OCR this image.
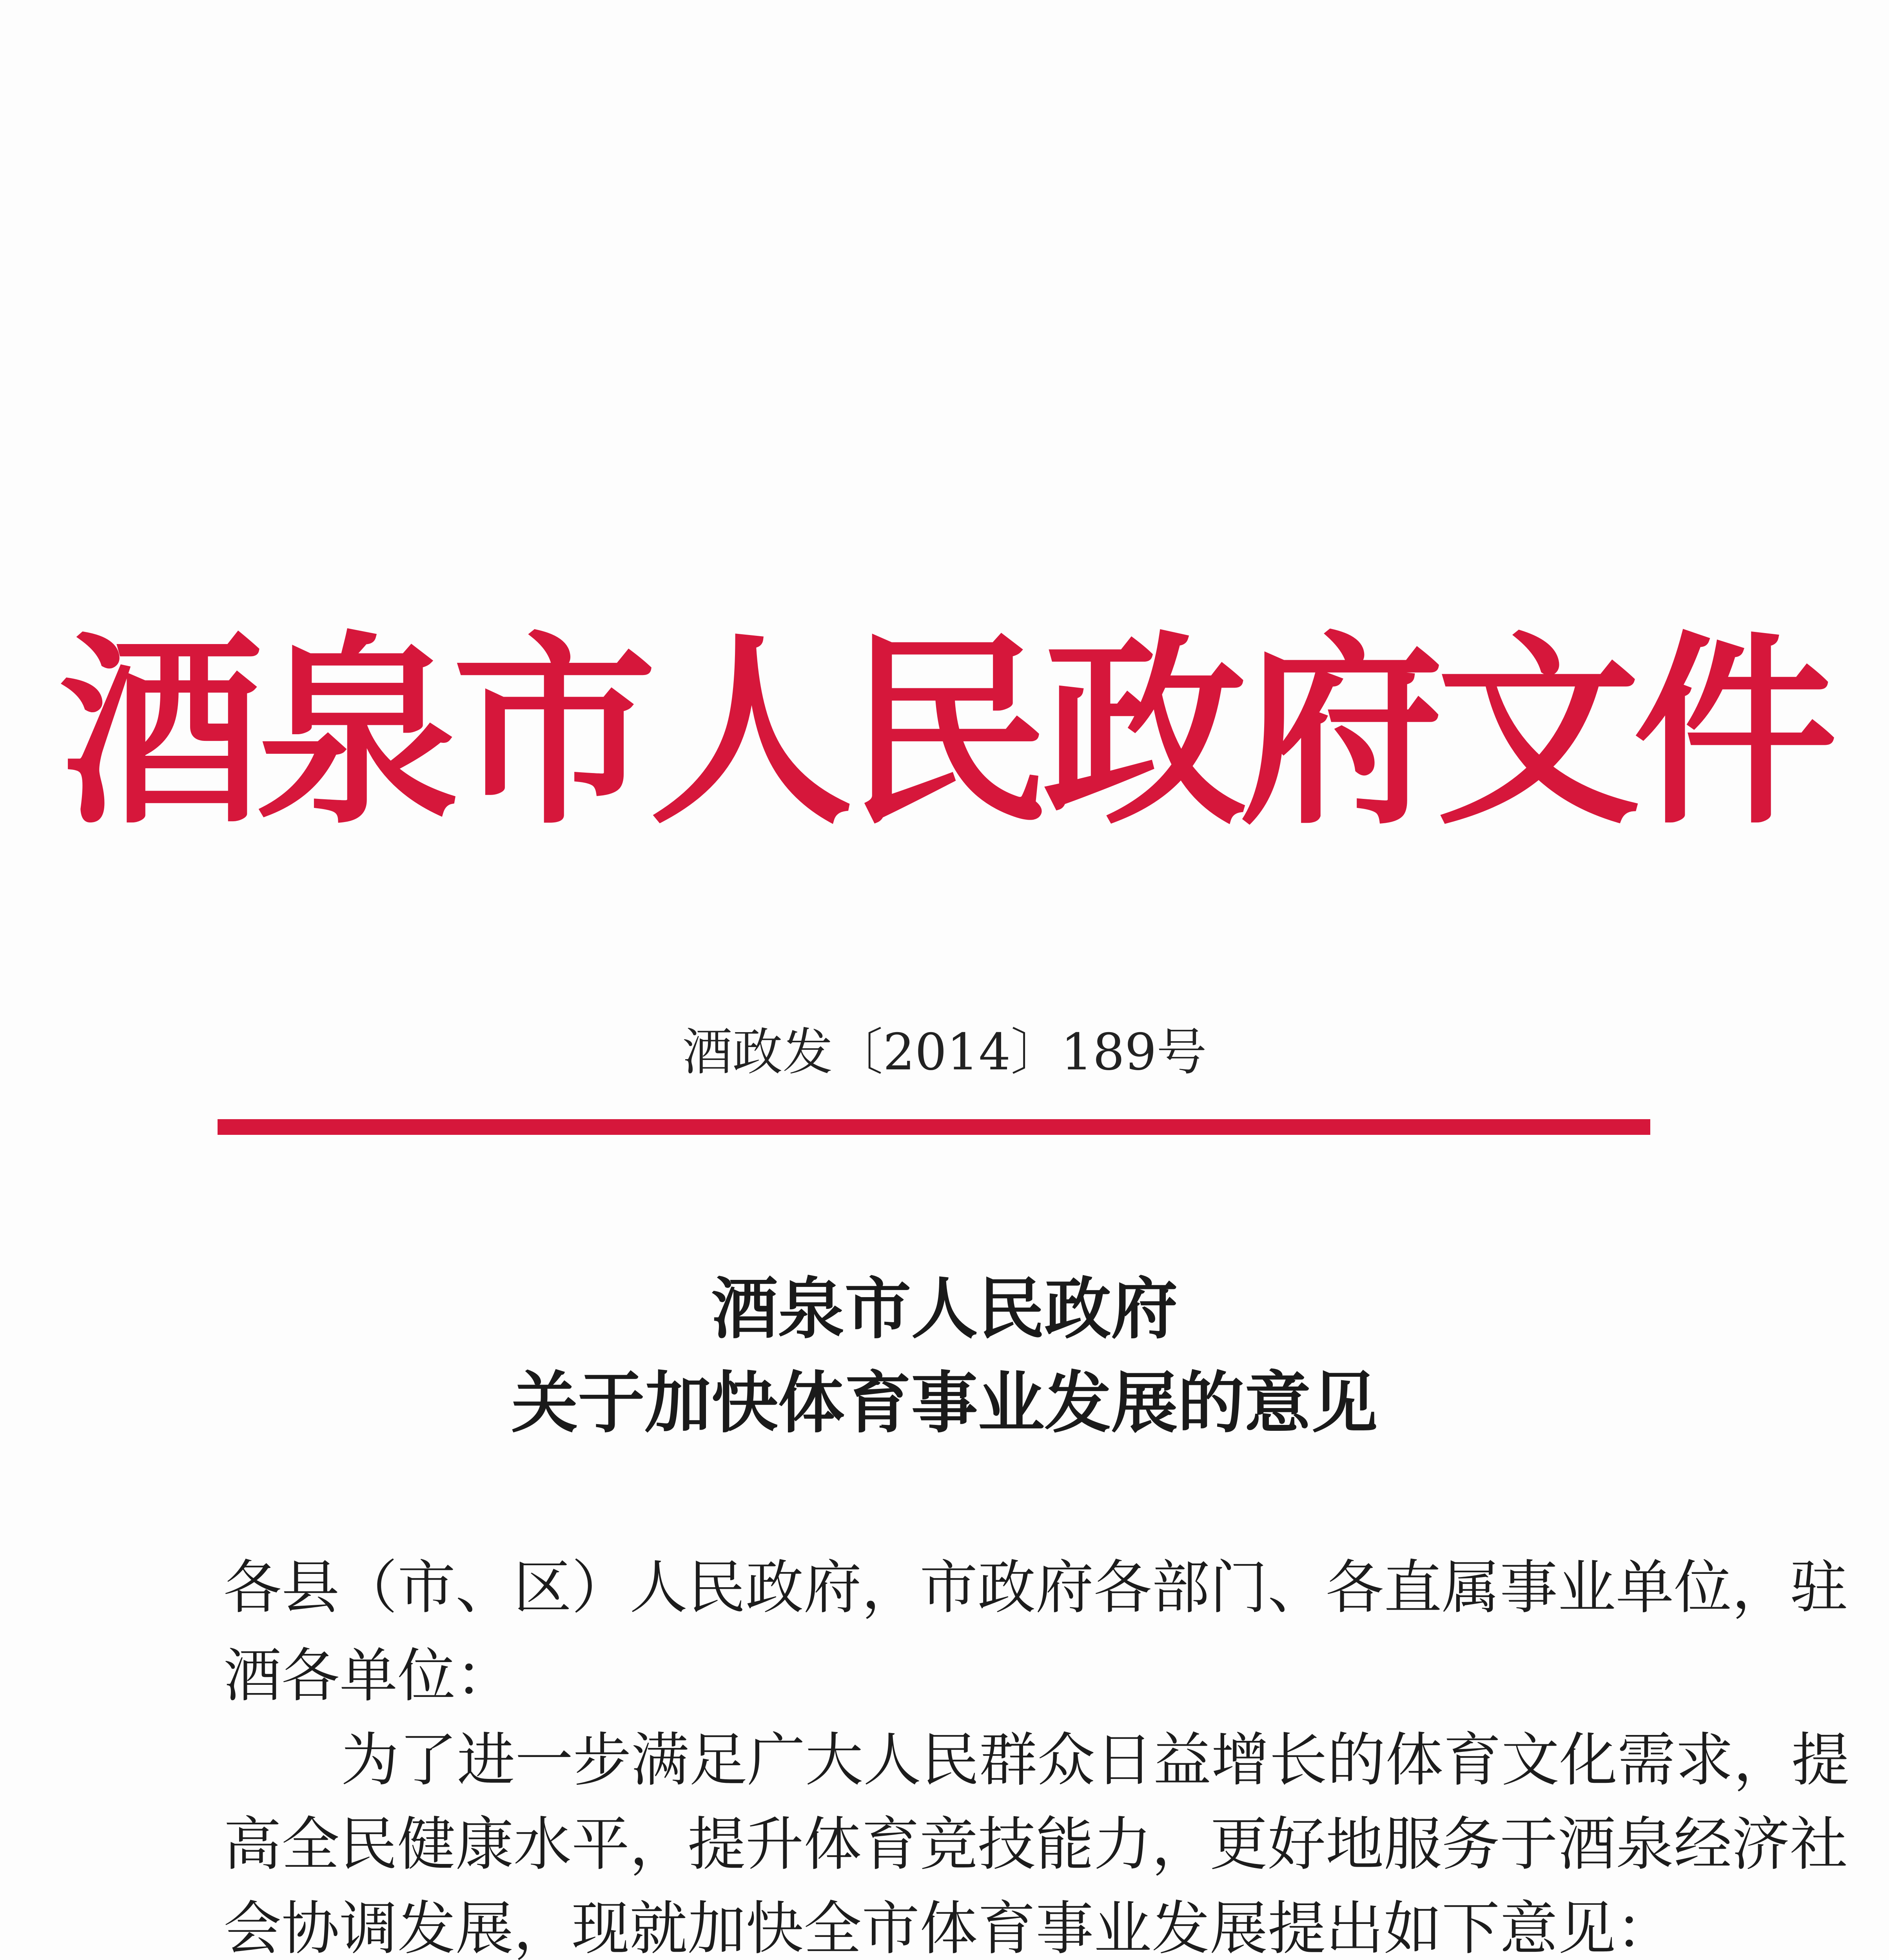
酒泉市人民政府文件
酒政发〔2014〕189号
酒泉市人民政府
关于加快体育事业发展的意见
各县（市、区）人民政府，市政府各部门、各直属事业单位，驻
酒各单位：
为了进一步满足广大人民群众日益增长的体育文化需求，提
高全民健康水平，提升体育竞技能力，更好地服务于酒泉经济社
会协调发展，现就加快全市体育事业发展提出如下意见：
